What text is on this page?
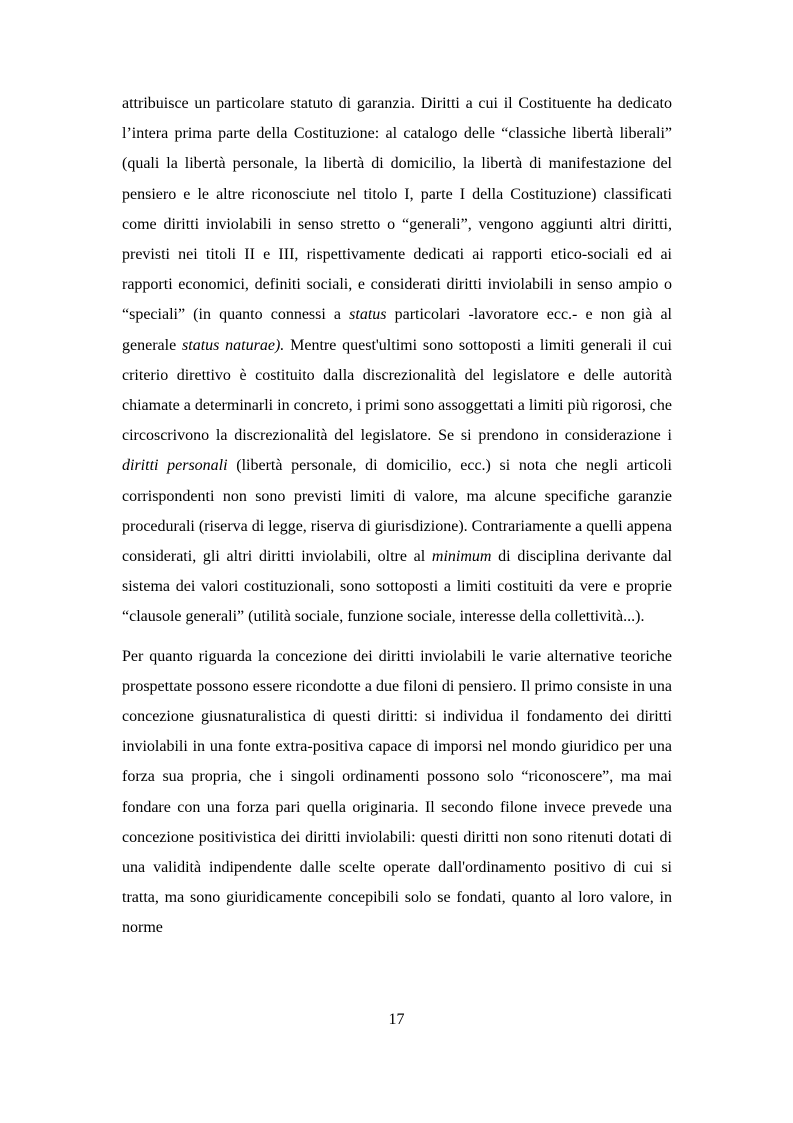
attribuisce un particolare statuto di garanzia. Diritti a cui il Costituente ha dedicato l’intera prima parte della Costituzione: al catalogo delle “classiche libertà liberali” (quali la libertà personale, la libertà di domicilio, la libertà di manifestazione del pensiero e le altre riconosciute nel titolo I, parte I della Costituzione) classificati come diritti inviolabili in senso stretto o “generali”, vengono aggiunti altri diritti, previsti nei titoli II e III, rispettivamente dedicati ai rapporti etico-sociali ed ai rapporti economici, definiti sociali, e considerati diritti inviolabili in senso ampio o “speciali” (in quanto connessi a status particolari -lavoratore ecc.- e non già al generale status naturae). Mentre quest'ultimi sono sottoposti a limiti generali il cui criterio direttivo è costituito dalla discrezionalità del legislatore e delle autorità chiamate a determinarli in concreto, i primi sono assoggettati a limiti più rigorosi, che circoscrivono la discrezionalità del legislatore. Se si prendono in considerazione i diritti personali (libertà personale, di domicilio, ecc.) si nota che negli articoli corrispondenti non sono previsti limiti di valore, ma alcune specifiche garanzie procedurali (riserva di legge, riserva di giurisdizione). Contrariamente a quelli appena considerati, gli altri diritti inviolabili, oltre al minimum di disciplina derivante dal sistema dei valori costituzionali, sono sottoposti a limiti costituiti da vere e proprie “clausole generali” (utilità sociale, funzione sociale, interesse della collettività...).

Per quanto riguarda la concezione dei diritti inviolabili le varie alternative teoriche prospettate possono essere ricondotte a due filoni di pensiero. Il primo consiste in una concezione giusnaturalistica di questi diritti: si individua il fondamento dei diritti inviolabili in una fonte extra-positiva capace di imporsi nel mondo giuridico per una forza sua propria, che i singoli ordinamenti possono solo “riconoscere”, ma mai fondare con una forza pari quella originaria. Il secondo filone invece prevede una concezione positivistica dei diritti inviolabili: questi diritti non sono ritenuti dotati di una validità indipendente dalle scelte operate dall'ordinamento positivo di cui si tratta, ma sono giuridicamente concepibili solo se fondati, quanto al loro valore, in norme

17
